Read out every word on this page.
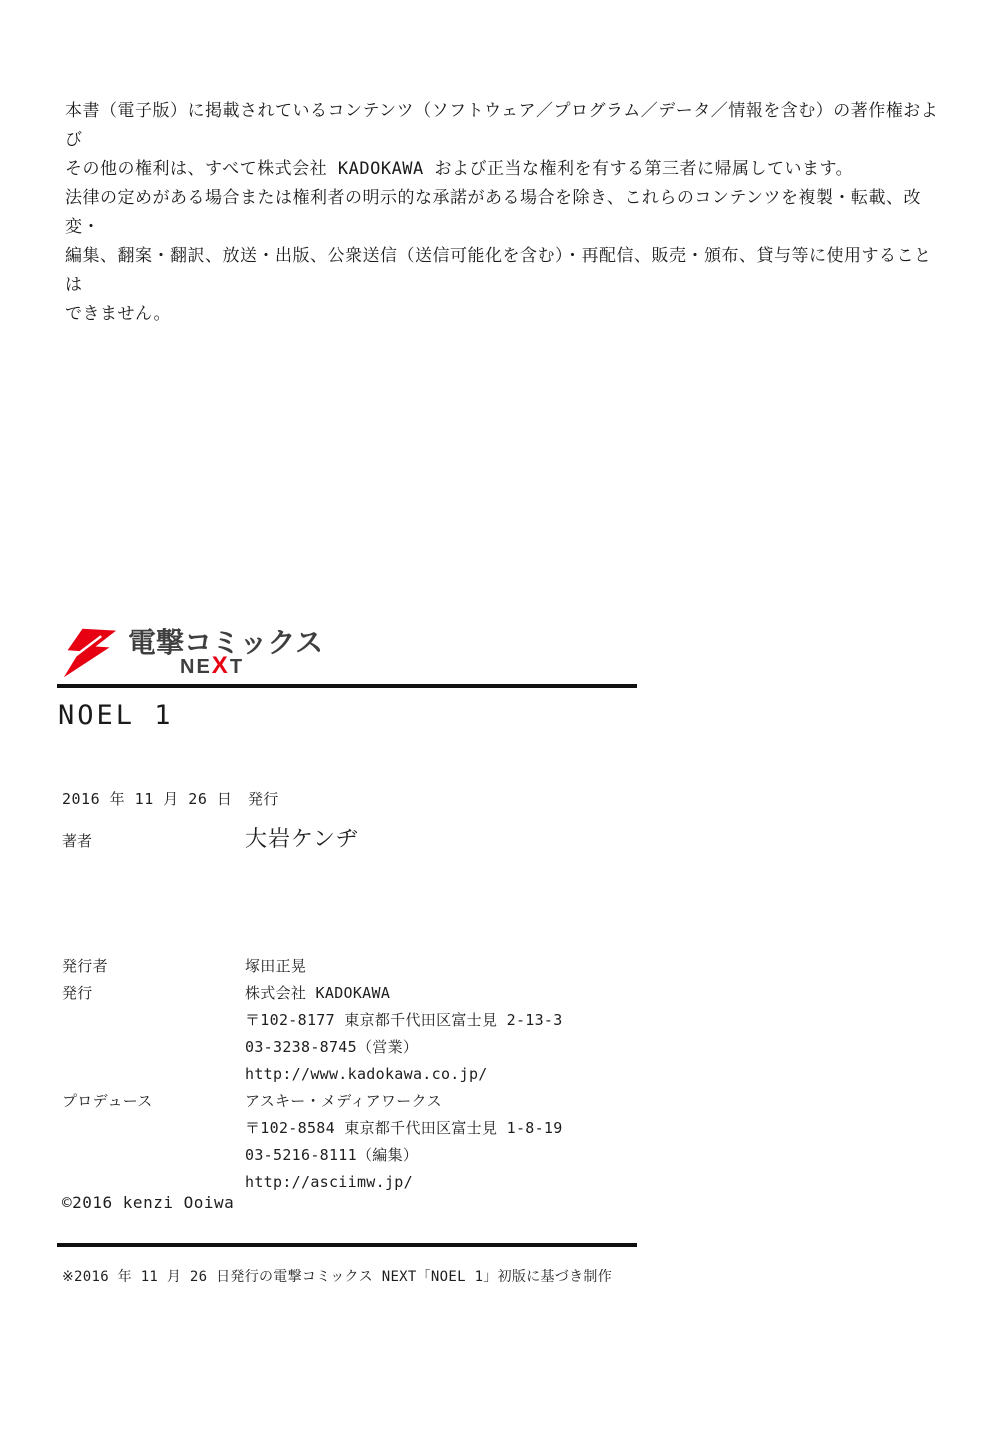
本書（電子版）に掲載されているコンテンツ（ソフトウェア／プログラム／データ／情報を含む）の著作権および
その他の権利は、すべて株式会社 KADOKAWA および正当な権利を有する第三者に帰属しています。
法律の定めがある場合または権利者の明示的な承諾がある場合を除き、これらのコンテンツを複製・転載、改変・
編集、翻案・翻訳、放送・出版、公衆送信（送信可能化を含む）・再配信、販売・頒布、貸与等に使用することは
できません。
電撃コミックス
NEXT
NOEL 1
2016 年 11 月 26 日　発行
著者	大岩ケンヂ
発行者	塚田正晃
発行	株式会社 KADOKAWA
〒102-8177 東京都千代田区富士見 2-13-3
03-3238-8745（営業）
http://www.kadokawa.co.jp/
プロデュース	アスキー・メディアワークス
〒102-8584 東京都千代田区富士見 1-8-19
03-5216-8111（編集）
http://asciimw.jp/
©2016 kenzi Ooiwa
※2016 年 11 月 26 日発行の電撃コミックス NEXT「NOEL 1」初版に基づき制作
